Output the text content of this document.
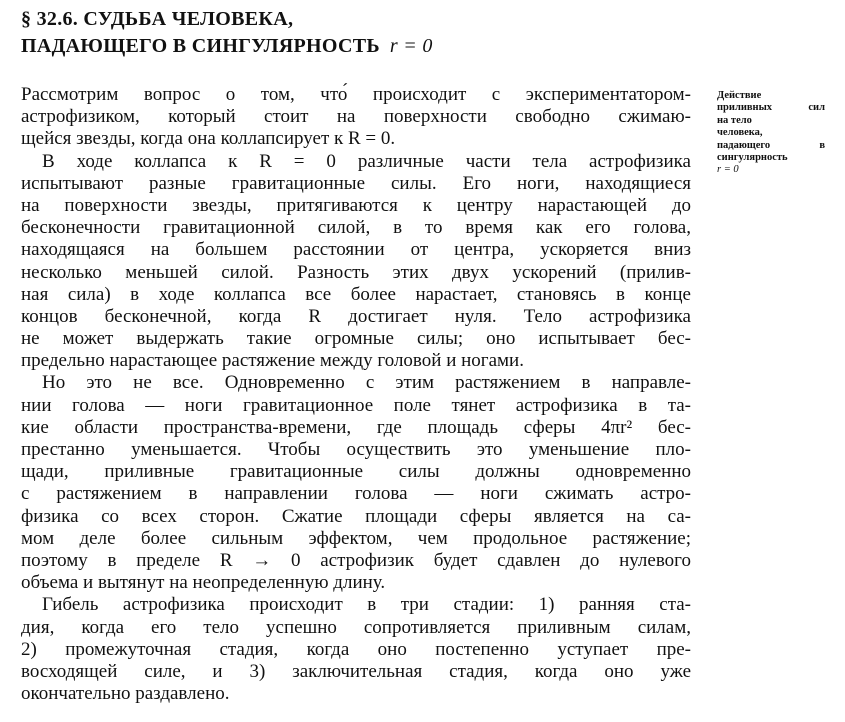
§ 32.6. СУДЬБА ЧЕЛОВЕКА,
ПАДАЮЩЕГО В СИНГУЛЯРНОСТЬ r = 0
Действие
приливных сил
на тело
человека,
падающего в
сингулярность
r = 0
Рассмотрим вопрос о том, что́ происходит с экспериментатором-
астрофизиком, который стоит на поверхности свободно сжимаю-
щейся звезды, когда она коллапсирует к R = 0.
В ходе коллапса к R = 0 различные части тела астрофизика
испытывают разные гравитационные силы. Его ноги, находящиеся
на поверхности звезды, притягиваются к центру нарастающей до
бесконечности гравитационной силой, в то время как его голова,
находящаяся на большем расстоянии от центра, ускоряется вниз
несколько меньшей силой. Разность этих двух ускорений (прилив-
ная сила) в ходе коллапса все более нарастает, становясь в конце
концов бесконечной, когда R достигает нуля. Тело астрофизика
не может выдержать такие огромные силы; оно испытывает бес-
предельно нарастающее растяжение между головой и ногами.
Но это не все. Одновременно с этим растяжением в направле-
нии голова — ноги гравитационное поле тянет астрофизика в та-
кие области пространства-времени, где площадь сферы 4πr² бес-
престанно уменьшается. Чтобы осуществить это уменьшение пло-
щади, приливные гравитационные силы должны одновременно
с растяжением в направлении голова — ноги сжимать астро-
физика со всех сторон. Сжатие площади сферы является на са-
мом деле более сильным эффектом, чем продольное растяжение;
поэтому в пределе R → 0 астрофизик будет сдавлен до нулевого
объема и вытянут на неопределенную длину.
Гибель астрофизика происходит в три стадии: 1) ранняя ста-
дия, когда его тело успешно сопротивляется приливным силам,
2) промежуточная стадия, когда оно постепенно уступает пре-
восходящей силе, и 3) заключительная стадия, когда оно уже
окончательно раздавлено.
